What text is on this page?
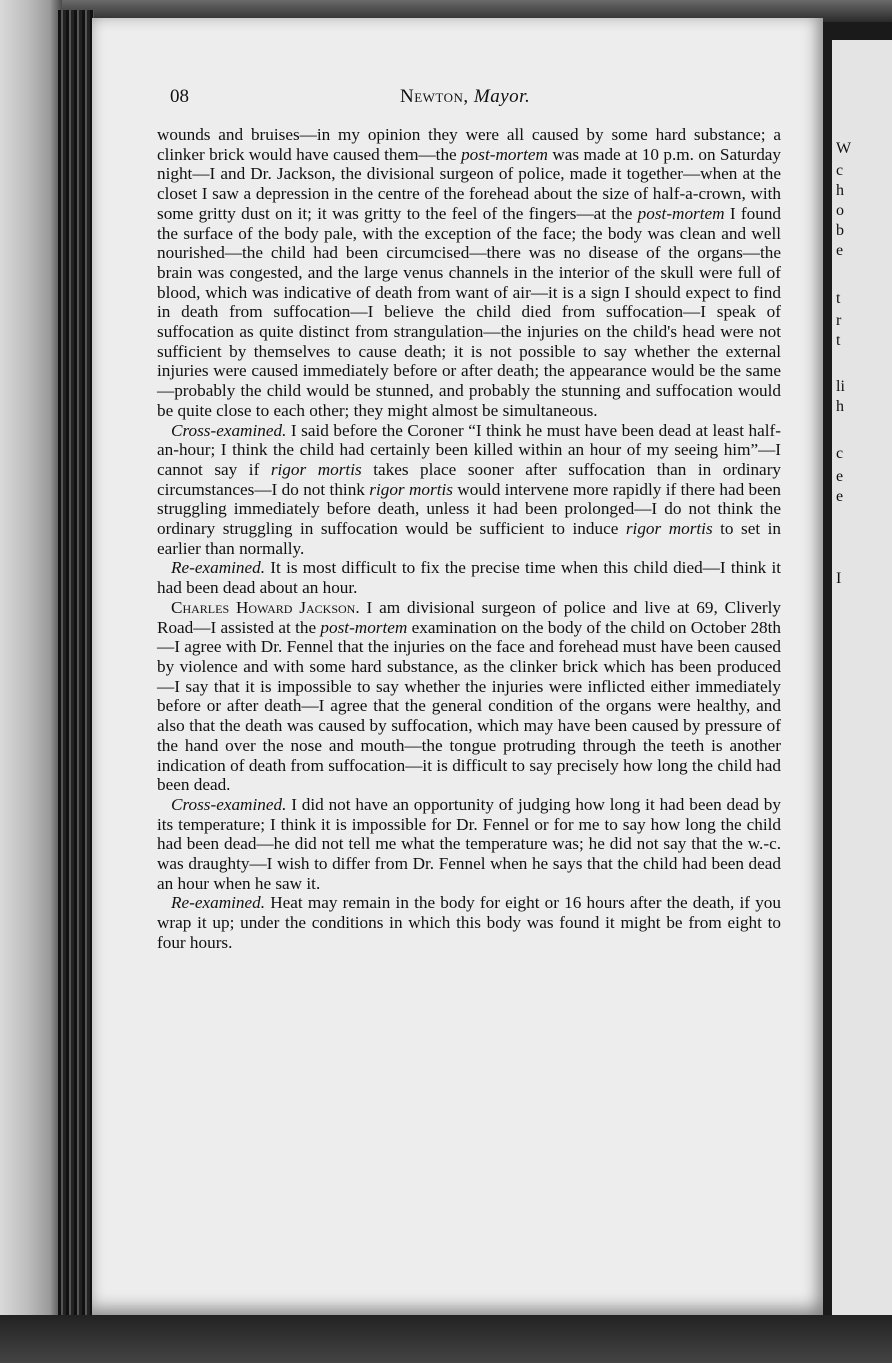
08	Newton, Mayor.

wounds and bruises—in my opinion they were all caused by some hard substance; a clinker brick would have caused them—the post-mortem was made at 10 p.m. on Saturday night—I and Dr. Jackson, the divisional surgeon of police, made it together—when at the closet I saw a depression in the centre of the forehead about the size of half-a-crown, with some gritty dust on it; it was gritty to the feel of the fingers—at the post-mortem I found the surface of the body pale, with the exception of the face; the body was clean and well nourished—the child had been circumcised—there was no disease of the organs—the brain was congested, and the large venus channels in the interior of the skull were full of blood, which was indicative of death from want of air—it is a sign I should expect to find in death from suffocation—I believe the child died from suffocation—I speak of suffocation as quite distinct from strangulation—the injuries on the child's head were not sufficient by themselves to cause death; it is not possible to say whether the external injuries were caused immediately before or after death; the appearance would be the same—probably the child would be stunned, and probably the stunning and suffocation would be quite close to each other; they might almost be simultaneous.

Cross-examined. I said before the Coroner “I think he must have been dead at least half-an-hour; I think the child had certainly been killed within an hour of my seeing him”—I cannot say if rigor mortis takes place sooner after suffocation than in ordinary circumstances—I do not think rigor mortis would intervene more rapidly if there had been struggling immediately before death, unless it had been prolonged—I do not think the ordinary struggling in suffocation would be sufficient to induce rigor mortis to set in earlier than normally.

Re-examined. It is most difficult to fix the precise time when this child died—I think it had been dead about an hour.

Charles Howard Jackson. I am divisional surgeon of police and live at 69, Cliverly Road—I assisted at the post-mortem examination on the body of the child on October 28th—I agree with Dr. Fennel that the injuries on the face and forehead must have been caused by violence and with some hard substance, as the clinker brick which has been produced—I say that it is impossible to say whether the injuries were inflicted either immediately before or after death—I agree that the general condition of the organs were healthy, and also that the death was caused by suffocation, which may have been caused by pressure of the hand over the nose and mouth—the tongue protruding through the teeth is another indication of death from suffocation—it is difficult to say precisely how long the child had been dead.

Cross-examined. I did not have an opportunity of judging how long it had been dead by its temperature; I think it is impossible for Dr. Fennel or for me to say how long the child had been dead—he did not tell me what the temperature was; he did not say that the w.-c. was draughty—I wish to differ from Dr. Fennel when he says that the child had been dead an hour when he saw it.

Re-examined. Heat may remain in the body for eight or 16 hours after the death, if you wrap it up; under the conditions in which this body was found it might be from eight to four hours.

W
c
h
o
b
e
t
r
t
li
h
c
e
e
I
